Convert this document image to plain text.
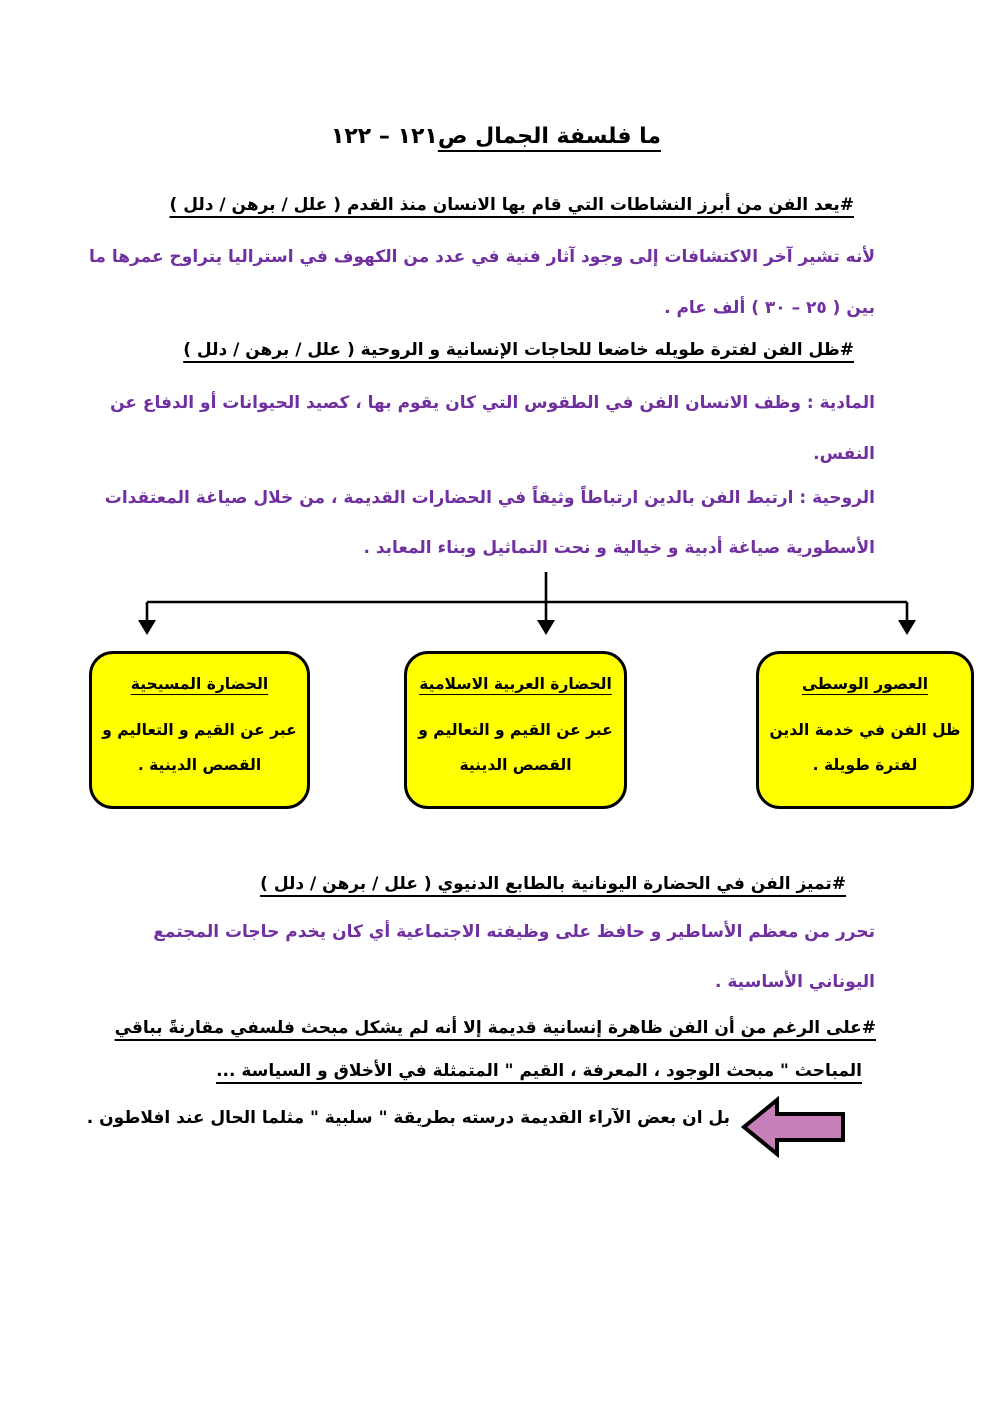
ما فلسفة الجمال ص١٢١ – ١٢٢
#يعد الفن من أبرز النشاطات التي قام بها الانسان منذ القدم ( علل / برهن / دلل )
لأنه تشير آخر الاكتشافات إلى وجود آثار فنية في عدد من الكهوف في استراليا يتراوح عمرها ما
بين ( ٢٥ – ٣٠ ) ألف عام .
#ظل الفن لفترة طويله خاضعا للحاجات الإنسانية و الروحية ( علل / برهن / دلل )
المادية : وظف الانسان الفن في الطقوس التي كان يقوم بها ، كصيد الحيوانات أو الدفاع عن
النفس.
الروحية : ارتبط الفن بالدين ارتباطاً وثيقاً في الحضارات القديمة ، من خلال صياغة المعتقدات
الأسطورية صياغة أدبية و خيالية و نحت التماثيل وبناء المعابد .
الحضارة المسيحية
عبر عن القيم و التعاليم و
القصص الدينية .
الحضارة العربية الاسلامية
عبر عن القيم و التعاليم و
القصص الدينية
العصور الوسطى
ظل الفن في خدمة الدين
لفترة طويلة .
#تميز الفن في الحضارة اليونانية بالطابع الدنيوي ( علل / برهن / دلل )
تحرر من معظم الأساطير و حافظ على وظيفته الاجتماعية أي كان يخدم حاجات المجتمع
اليوناني الأساسية .
#على الرغم من أن الفن ظاهرة إنسانية قديمة إلا أنه لم يشكل مبحث فلسفي مقارنةً بباقي
المباحث " مبحث الوجود ، المعرفة ، القيم " المتمثلة في الأخلاق و السياسة ...
بل ان بعض الآراء القديمة درسته بطريقة " سلبية " مثلما الحال عند افلاطون .
